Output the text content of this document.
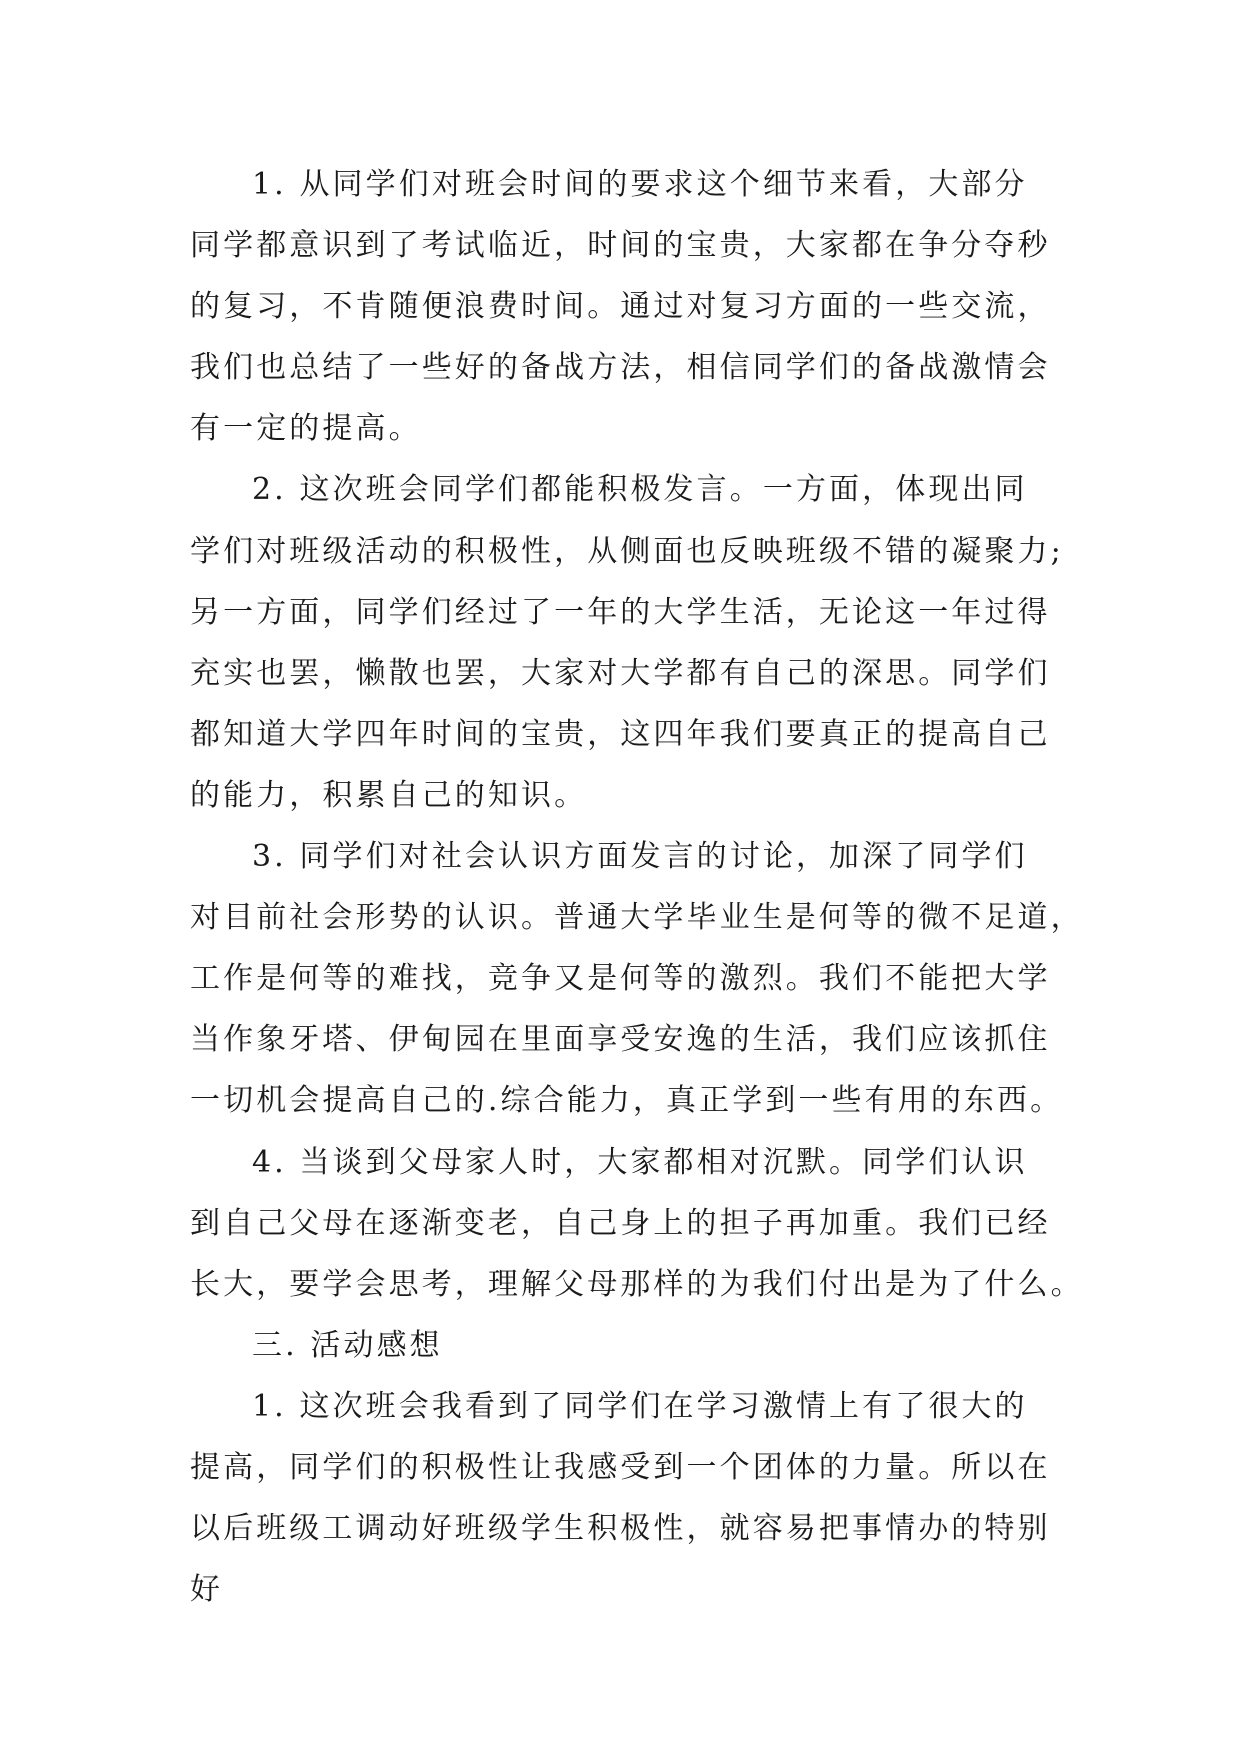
1. 从同学们对班会时间的要求这个细节来看，大部分
同学都意识到了考试临近，时间的宝贵，大家都在争分夺秒
的复习，不肯随便浪费时间。通过对复习方面的一些交流，
我们也总结了一些好的备战方法，相信同学们的备战激情会
有一定的提高。
2. 这次班会同学们都能积极发言。一方面，体现出同
学们对班级活动的积极性，从侧面也反映班级不错的凝聚力;
另一方面，同学们经过了一年的大学生活，无论这一年过得
充实也罢，懒散也罢，大家对大学都有自己的深思。同学们
都知道大学四年时间的宝贵，这四年我们要真正的提高自己
的能力，积累自己的知识。
3. 同学们对社会认识方面发言的讨论，加深了同学们
对目前社会形势的认识。普通大学毕业生是何等的微不足道，
工作是何等的难找，竞争又是何等的激烈。我们不能把大学
当作象牙塔、伊甸园在里面享受安逸的生活，我们应该抓住
一切机会提高自己的.综合能力，真正学到一些有用的东西。
4. 当谈到父母家人时，大家都相对沉默。同学们认识
到自己父母在逐渐变老，自己身上的担子再加重。我们已经
长大，要学会思考，理解父母那样的为我们付出是为了什么。
三. 活动感想
1. 这次班会我看到了同学们在学习激情上有了很大的
提高，同学们的积极性让我感受到一个团体的力量。所以在
以后班级工调动好班级学生积极性，就容易把事情办的特别
好
